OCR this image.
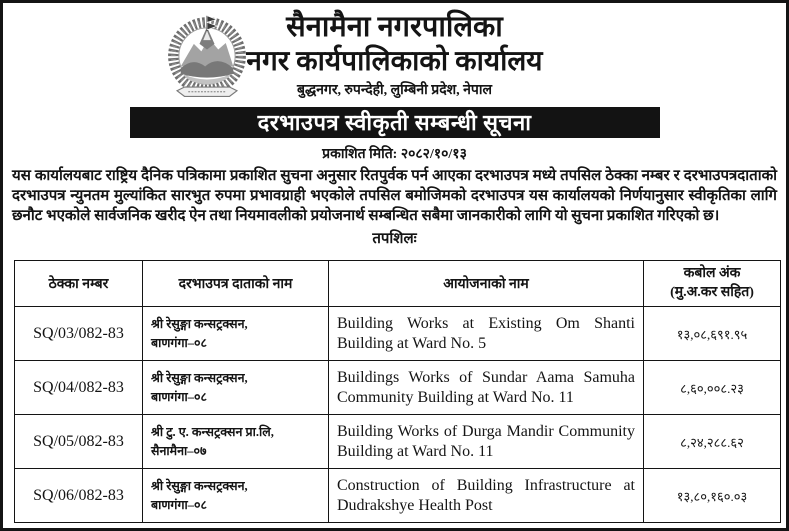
सैनामैना नगरपालिका
नगर कार्यपालिकाको कार्यालय
बुद्धनगर, रुपन्देही, लुम्बिनी प्रदेश, नेपाल
दरभाउपत्र स्वीकृती सम्बन्धी सूचना
प्रकाशित मिति: २०८२/१०/१३
यस कार्यालयबाट राष्ट्रिय दैनिक पत्रिकामा प्रकाशित सुचना अनुसार रितपुर्वक पर्न आएका दरभाउपत्र मध्ये तपसिल ठेक्का नम्बर र दरभाउपत्रदाताको दरभाउपत्र न्युनतम मुल्यांकित सारभुत रुपमा प्रभावग्राही भएकोले तपसिल बमोजिमको दरभाउपत्र यस कार्यालयको निर्णयानुसार स्वीकृतिका लागि छनौट भएकोले सार्वजनिक खरीद ऐन तथा नियमावलीको प्रयोजनार्थ सम्बन्धित सबैमा जानकारीको लागि यो सुचना प्रकाशित गरिएको छ।
तपशिलः
ठेक्का नम्बर	दरभाउपत्र दाताको नाम	आयोजनाको नाम	कबोल अंक
(मु.अ.कर सहित)

SQ/03/082-83	श्री रेसुङ्गा कन्सट्रक्सन,
बाणगंगा–०८	Building Works at Existing Om Shanti Building at Ward No. 5	१३,०८,६९१.९५
SQ/04/082-83	श्री रेसुङ्गा कन्सट्रक्सन,
बाणगंगा–०८	Buildings Works of Sundar Aama Samuha Community Building at Ward No. 11	८,६०,००८.२३
SQ/05/082-83	श्री टु. ए. कन्सट्रक्सन प्रा.लि,
सैनामैना–०७	Building Works of Durga Mandir Community Building at Ward No. 11	८,२४,२८८.६२
SQ/06/082-83	श्री रेसुङ्गा कन्सट्रक्सन,
बाणगंगा–०८	Construction of Building Infrastructure at Dudrakshye Health Post	१३,८०,१६०.०३
